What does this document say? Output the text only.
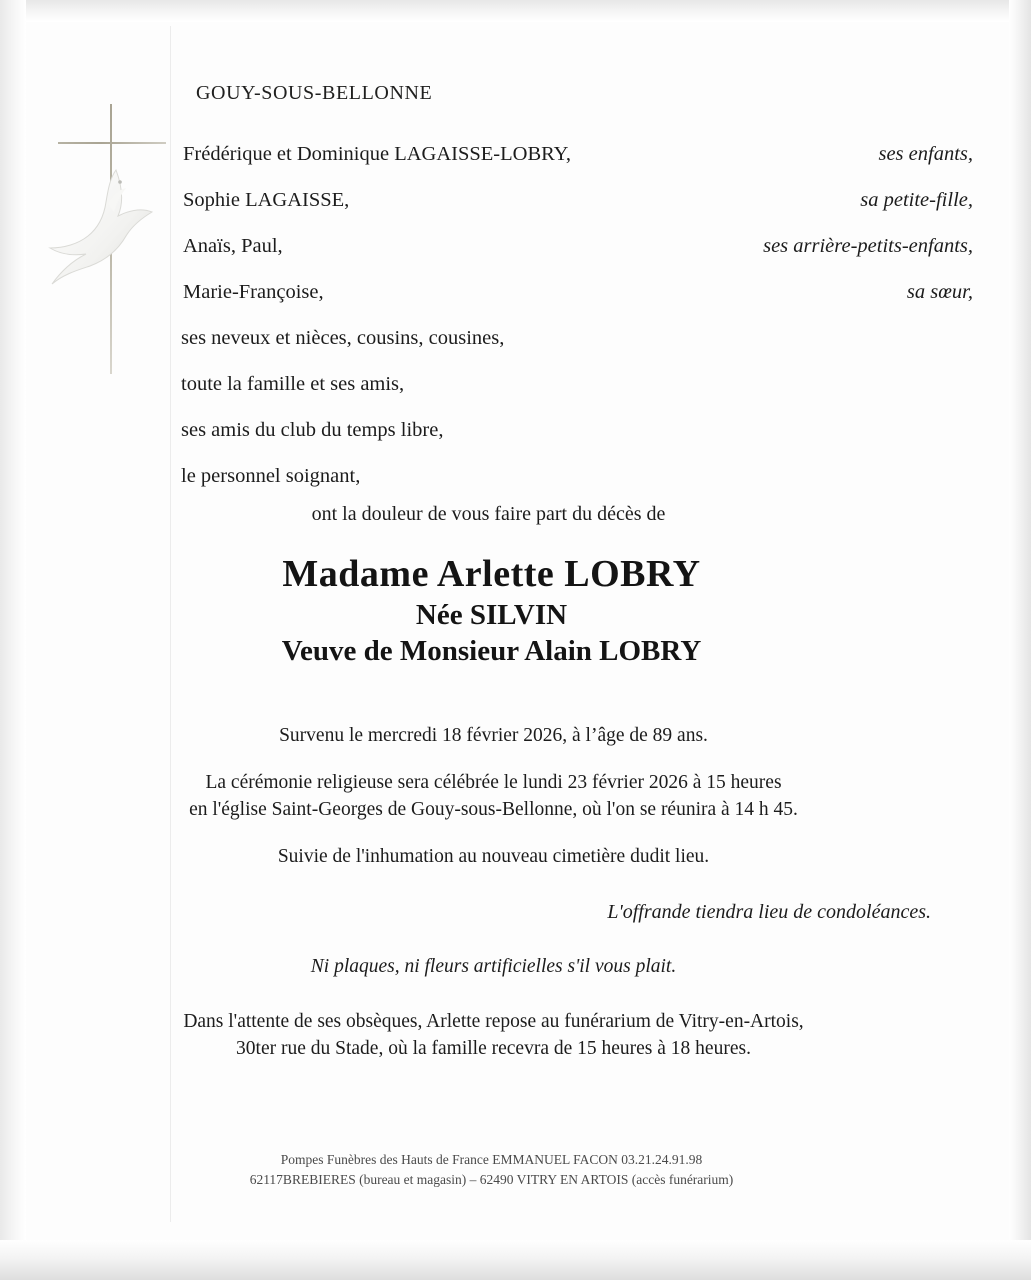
GOUY-SOUS-BELLONNE
Frédérique et Dominique LAGAISSE-LOBRY,	ses enfants,
Sophie LAGAISSE,	sa petite-fille,
Anaïs, Paul,	ses arrière-petits-enfants,
Marie-Françoise,	sa sœur,
ses neveux et nièces, cousins, cousines,
toute la famille et ses amis,
ses amis du club du temps libre,
le personnel soignant,
ont la douleur de vous faire part du décès de
Madame Arlette LOBRY
Née SILVIN
Veuve de Monsieur Alain LOBRY

Survenu le mercredi 18 février 2026, à l’âge de 89 ans.

La cérémonie religieuse sera célébrée le lundi 23 février 2026 à 15 heures

en l'église Saint-Georges de Gouy-sous-Bellonne, où l'on se réunira à 14 h 45.

Suivie de l'inhumation au nouveau cimetière dudit lieu.

L'offrande tiendra lieu de condoléances.

Ni plaques, ni fleurs artificielles s'il vous plait.

Dans l'attente de ses obsèques, Arlette repose au funérarium de Vitry-en-Artois,

30ter rue du Stade, où la famille recevra de 15 heures à 18 heures.

Pompes Funèbres des Hauts de France EMMANUEL FACON 03.21.24.91.98
62117BREBIERES (bureau et magasin) – 62490 VITRY EN ARTOIS (accès funérarium)
